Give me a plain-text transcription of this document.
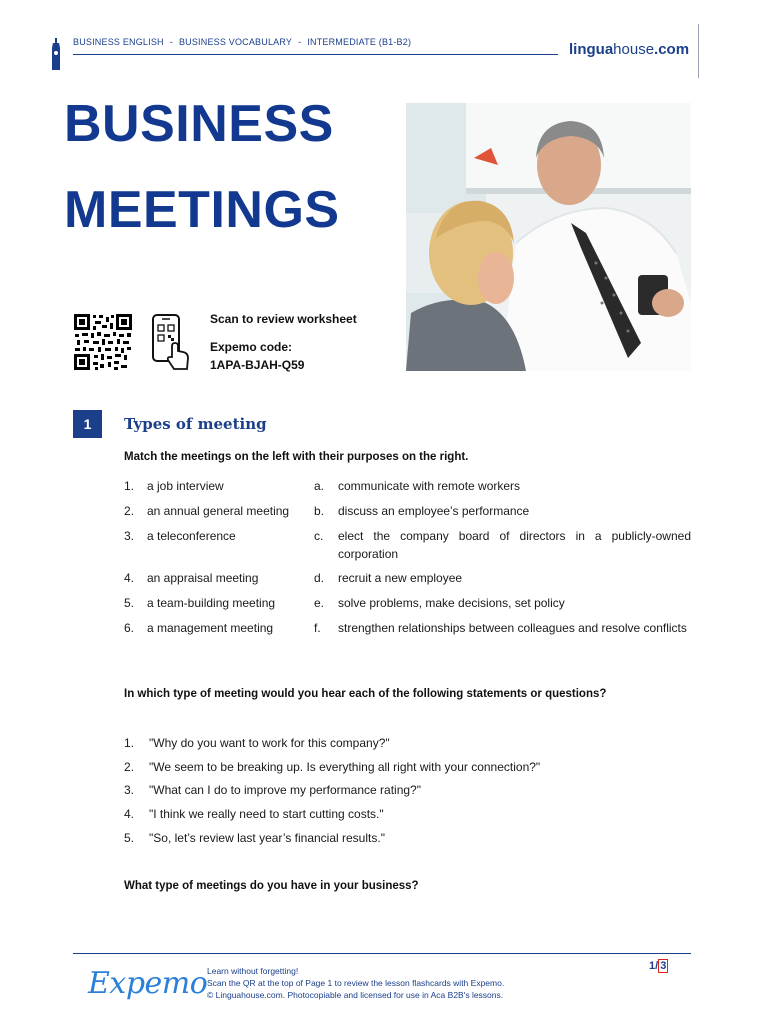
BUSINESS ENGLISH - BUSINESS VOCABULARY - INTERMEDIATE (B1-B2)	linguahouse.com
BUSINESS
MEETINGS
Scan to review worksheet
Expemo code:
1APA-BJAH-Q59
1	Types of meeting
Match the meetings on the left with their purposes on the right.
1. a job interview
2. an annual general meeting
3. a teleconference
4. an appraisal meeting
5. a team-building meeting
6. a management meeting
a. communicate with remote workers
b. discuss an employee’s performance
c. elect the company board of directors in a publicly-owned corporation
d. recruit a new employee
e. solve problems, make decisions, set policy
f. strengthen relationships between colleagues and resolve conflicts
In which type of meeting would you hear each of the following statements or questions?
1. "Why do you want to work for this company?"
2. "We seem to be breaking up. Is everything all right with your connection?"
3. "What can I do to improve my performance rating?"
4. "I think we really need to start cutting costs."
5. "So, let’s review last year’s financial results."
What type of meetings do you have in your business?
Expemo Learn without forgetting!
Scan the QR at the top of Page 1 to review the lesson flashcards with Expemo.
© Linguahouse.com. Photocopiable and licensed for use in Aca B2B's lessons.
1/ 3
